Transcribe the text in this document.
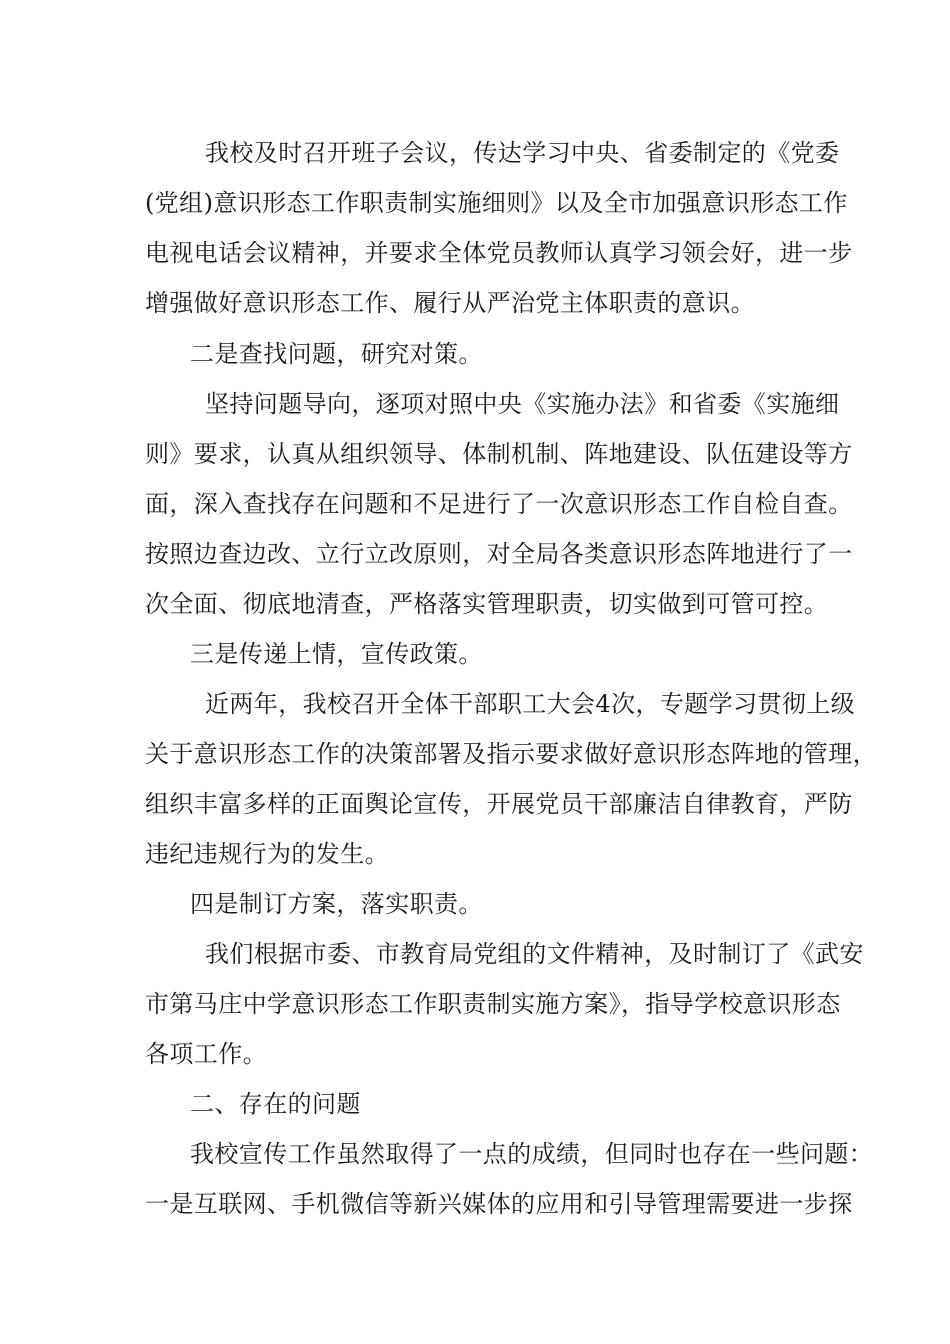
我校及时召开班子会议，传达学习中央、省委制定的《党委
(党组)意识形态工作职责制实施细则》以及全市加强意识形态工作
电视电话会议精神，并要求全体党员教师认真学习领会好，进一步
增强做好意识形态工作、履行从严治党主体职责的意识。
二是查找问题，研究对策。
坚持问题导向，逐项对照中央《实施办法》和省委《实施细
则》要求，认真从组织领导、体制机制、阵地建设、队伍建设等方
面，深入查找存在问题和不足进行了一次意识形态工作自检自查。
按照边查边改、立行立改原则，对全局各类意识形态阵地进行了一
次全面、彻底地清查，严格落实管理职责，切实做到可管可控。
三是传递上情，宣传政策。
近两年，我校召开全体干部职工大会4次，专题学习贯彻上级
关于意识形态工作的决策部署及指示要求做好意识形态阵地的管理，
组织丰富多样的正面舆论宣传，开展党员干部廉洁自律教育，严防
违纪违规行为的发生。
四是制订方案，落实职责。
我们根据市委、市教育局党组的文件精神，及时制订了《武安
市第马庄中学意识形态工作职责制实施方案》，指导学校意识形态
各项工作。
二、存在的问题
我校宣传工作虽然取得了一点的成绩，但同时也存在一些问题：
一是互联网、手机微信等新兴媒体的应用和引导管理需要进一步探
